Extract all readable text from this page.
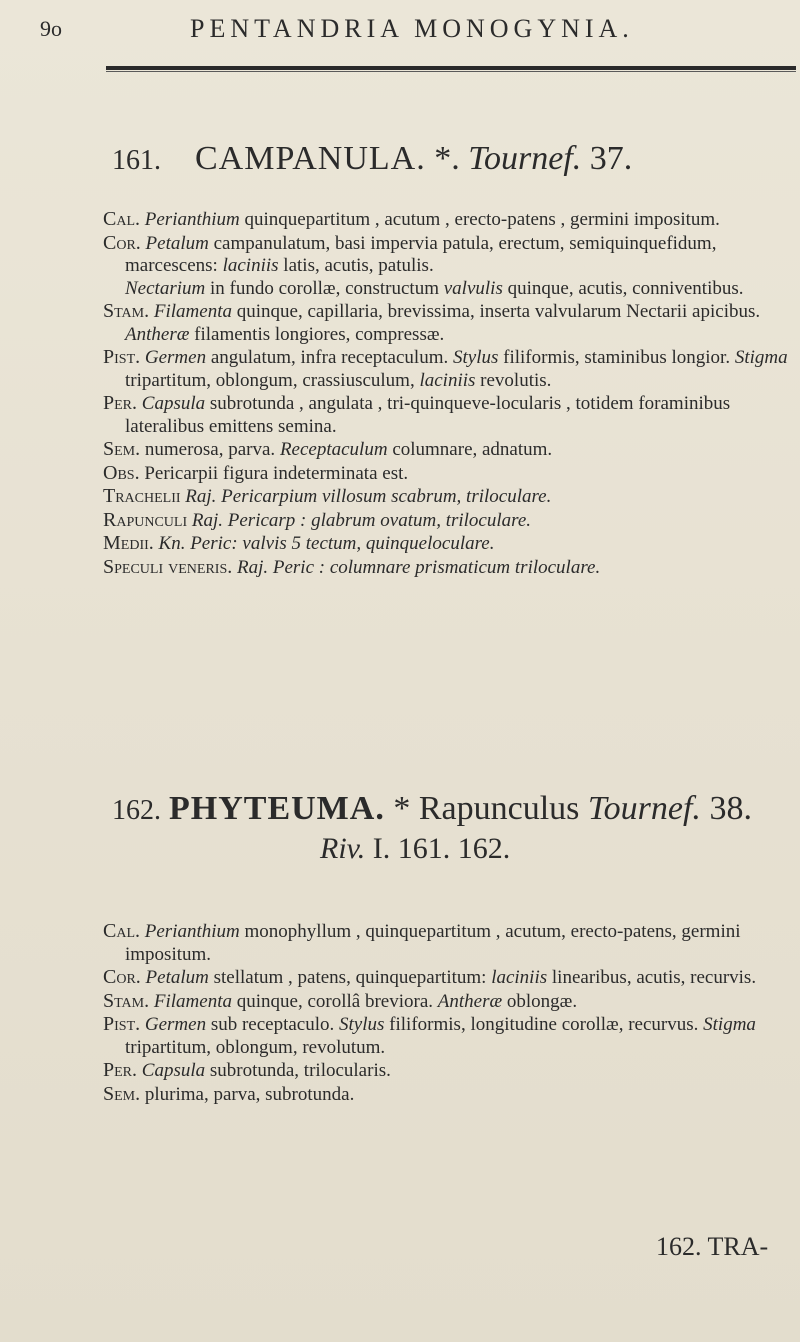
9o	PENTANDRIA MONOGYNIA.
161. CAMPANULA. *. Tournef. 37.

Cal. Perianthium quinquepartitum , acutum , erecto-patens , germini impositum.

Cor. Petalum campanulatum, basi impervia patula, erectum, semiquinquefidum, marcescens: laciniis latis, acutis, patulis.
Nectarium in fundo corollæ, constructum valvulis quinque, acutis, conniventibus.

Stam. Filamenta quinque, capillaria, brevissima, inserta valvularum Nectarii apicibus. Antheræ filamentis longiores, compressæ.

Pist. Germen angulatum, infra receptaculum. Stylus filiformis, staminibus longior. Stigma tripartitum, oblongum, crassiusculum, laciniis revolutis.

Per. Capsula subrotunda , angulata , tri-quinqueve-locularis , totidem foraminibus lateralibus emittens semina.

Sem. numerosa, parva. Receptaculum columnare, adnatum.

Obs. Pericarpii figura indeterminata est.

Trachelii Raj. Pericarpium villosum scabrum, triloculare.

Rapunculi Raj. Pericarp : glabrum ovatum, triloculare.

Medii. Kn. Peric: valvis 5 tectum, quinqueloculare.

Speculi veneris. Raj. Peric : columnare prismaticum triloculare.

162. PHYTEUMA. * Rapunculus Tournef. 38.
Riv. I. 161. 162.

Cal. Perianthium monophyllum , quinquepartitum , acutum, erecto-patens, germini impositum.

Cor. Petalum stellatum , patens, quinquepartitum: laciniis linearibus, acutis, recurvis.

Stam. Filamenta quinque, corollâ breviora. Antheræ oblongæ.

Pist. Germen sub receptaculo. Stylus filiformis, longitudine corollæ, recurvus. Stigma tripartitum, oblongum, revolutum.

Per. Capsula subrotunda, trilocularis.

Sem. plurima, parva, subrotunda.

162. TRA-
